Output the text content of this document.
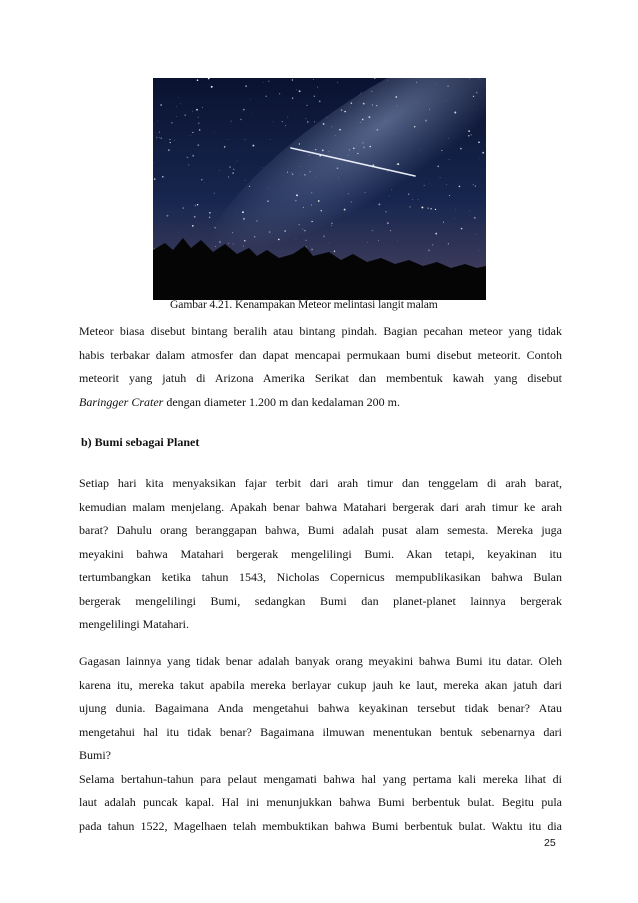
Gambar 4.21. Kenampakan Meteor melintasi langit malam
Meteor biasa disebut bintang beralih atau bintang pindah. Bagian pecahan meteor yang tidak
habis terbakar dalam atmosfer dan dapat mencapai permukaan bumi disebut meteorit. Contoh
meteorit yang jatuh di Arizona Amerika Serikat dan membentuk kawah yang disebut
Baringger Crater dengan diameter 1.200 m dan kedalaman 200 m.
b) Bumi sebagai Planet
Setiap hari kita menyaksikan fajar terbit dari arah timur dan tenggelam di arah barat,
kemudian malam menjelang. Apakah benar bahwa Matahari bergerak dari arah timur ke arah
barat? Dahulu orang beranggapan bahwa, Bumi adalah pusat alam semesta. Mereka juga
meyakini bahwa Matahari bergerak mengelilingi Bumi. Akan tetapi, keyakinan itu
tertumbangkan ketika tahun 1543, Nicholas Copernicus mempublikasikan bahwa Bulan
bergerak mengelilingi Bumi, sedangkan Bumi dan planet-planet lainnya bergerak
mengelilingi Matahari.
Gagasan lainnya yang tidak benar adalah banyak orang meyakini bahwa Bumi itu datar. Oleh
karena itu, mereka takut apabila mereka berlayar cukup jauh ke laut, mereka akan jatuh dari
ujung dunia. Bagaimana Anda mengetahui bahwa keyakinan tersebut tidak benar? Atau
mengetahui hal itu tidak benar? Bagaimana ilmuwan menentukan bentuk sebenarnya dari
Bumi?
Selama bertahun-tahun para pelaut mengamati bahwa hal yang pertama kali mereka lihat di
laut adalah puncak kapal. Hal ini menunjukkan bahwa Bumi berbentuk bulat. Begitu pula
pada tahun 1522, Magelhaen telah membuktikan bahwa Bumi berbentuk bulat. Waktu itu dia
25
